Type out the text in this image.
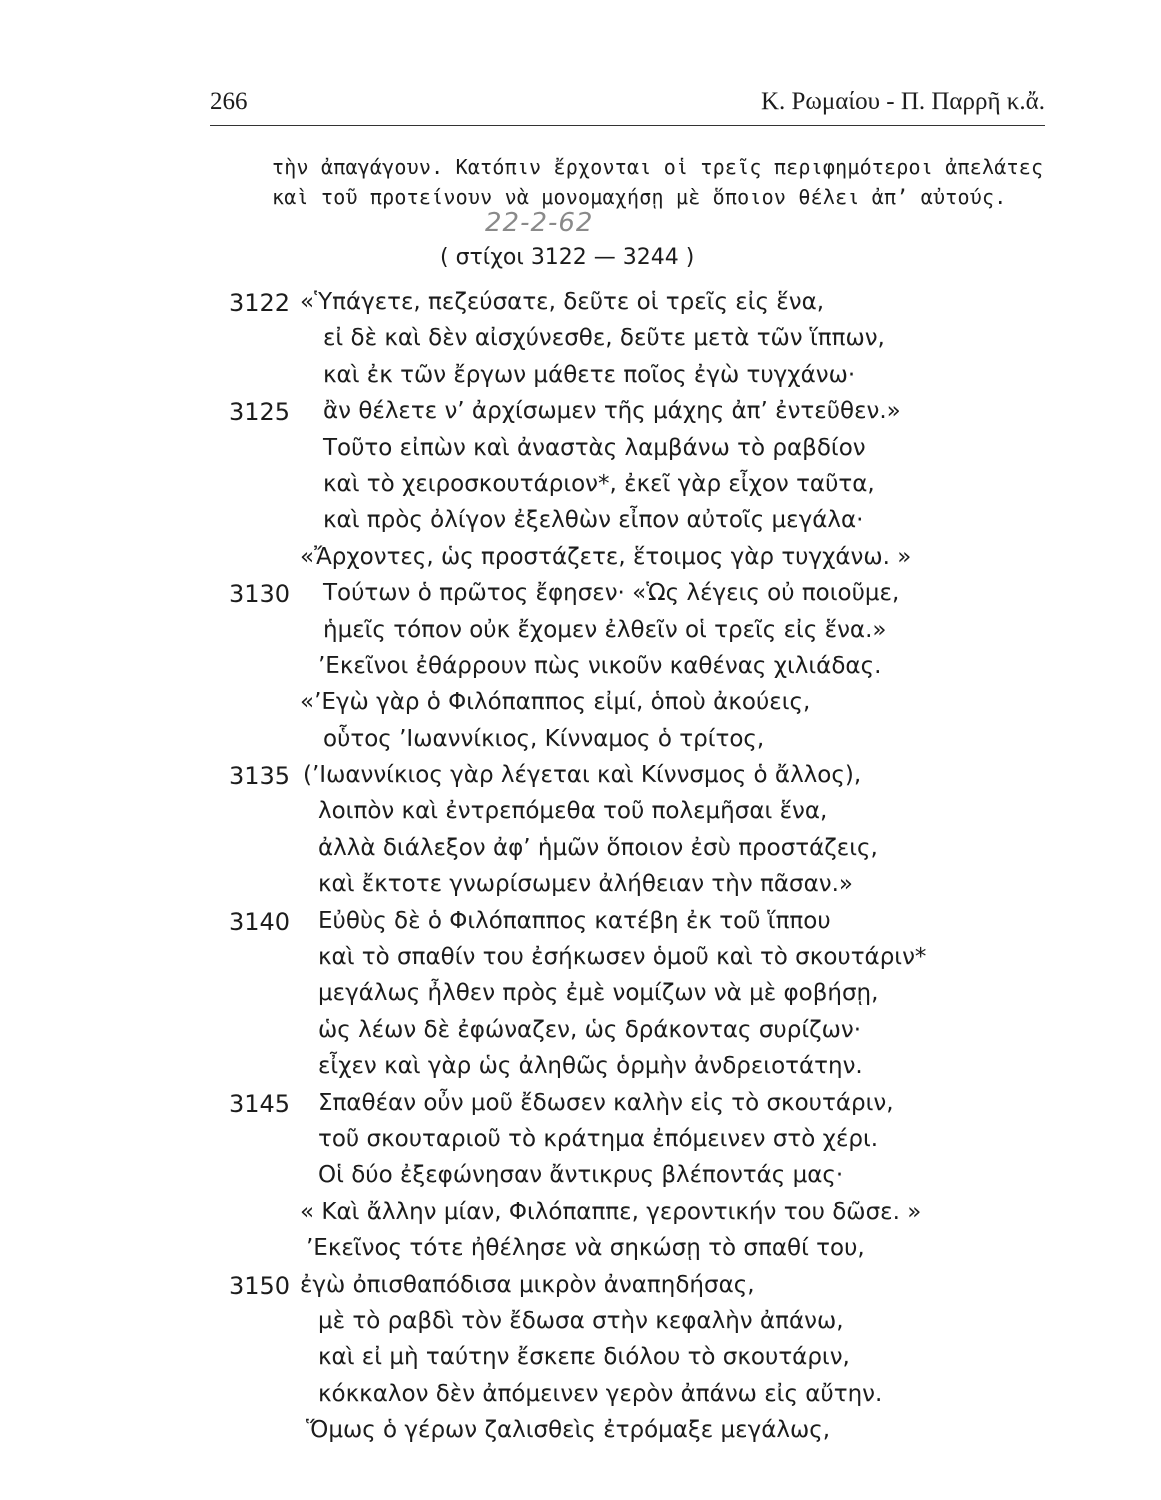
266	Κ. Ρωμαίου - Π. Παρρῆ κ.ἄ.
τὴν ἀπαγάγουν. Κατόπιν ἔρχονται οἱ τρεῖς περιφημότεροι ἀπελάτες
καὶ τοῦ προτείνουν νὰ μονομαχήσῃ μὲ ὅποιον θέλει ἀπ’ αὐτούς.
22-2-62
( στίχοι 3122 — 3244 )
3122 «Ὑπάγετε, πεζεύσατε, δεῦτε οἱ τρεῖς εἰς ἕνα,
εἰ δὲ καὶ δὲν αἰσχύνεσθε, δεῦτε μετὰ τῶν ἵππων,
καὶ ἐκ τῶν ἔργων μάθετε ποῖος ἐγὼ τυγχάνω·
3125 ἂν θέλετε ν’ ἀρχίσωμεν τῆς μάχης ἀπ’ ἐντεῦθεν.»
Τοῦτο εἰπὼν καὶ ἀναστὰς λαμβάνω τὸ ραβδίον
καὶ τὸ χειροσκουτάριον*, ἐκεῖ γὰρ εἶχον ταῦτα,
καὶ πρὸς ὀλίγον ἐξελθὼν εἶπον αὐτοῖς μεγάλα·
«Ἄρχοντες, ὡς προστάζετε, ἕτοιμος γὰρ τυγχάνω. »
3130 Τούτων ὁ πρῶτος ἔφησεν· «Ὡς λέγεις οὐ ποιοῦμε,
ἡμεῖς τόπον οὐκ ἔχομεν ἐλθεῖν οἱ τρεῖς εἰς ἕνα.»
’Εκεῖνοι ἐθάρρουν πὼς νικοῦν καθένας χιλιάδας.
«’Εγὼ γὰρ ὁ Φιλόπαππος εἰμί, ὁποὺ ἀκούεις,
οὗτος ’Ιωαννίκιος, Κίνναμος ὁ τρίτος,
3135 (’Ιωαννίκιος γὰρ λέγεται καὶ Κίννσμος ὁ ἄλλος),
λοιπὸν καὶ ἐντρεπόμεθα τοῦ πολεμῆσαι ἕνα,
ἀλλὰ διάλεξον ἀφ’ ἡμῶν ὅποιον ἐσὺ προστάζεις,
καὶ ἔκτοτε γνωρίσωμεν ἀλήθειαν τὴν πᾶσαν.»
3140 Εὐθὺς δὲ ὁ Φιλόπαππος κατέβη ἐκ τοῦ ἵππου
καὶ τὸ σπαθίν του ἐσήκωσεν ὁμοῦ καὶ τὸ σκουτάριν*
μεγάλως ἦλθεν πρὸς ἐμὲ νομίζων νὰ μὲ φοβήσῃ,
ὡς λέων δὲ ἐφώναζεν, ὡς δράκοντας συρίζων·
εἶχεν καὶ γὰρ ὡς ἀληθῶς ὁρμὴν ἀνδρειοτάτην.
3145 Σπαθέαν οὖν μοῦ ἔδωσεν καλὴν εἰς τὸ σκουτάριν,
τοῦ σκουταριοῦ τὸ κράτημα ἐπόμεινεν στὸ χέρι.
Οἱ δύο ἐξεφώνησαν ἄντικρυς βλέποντάς μας·
« Καὶ ἄλλην μίαν, Φιλόπαππε, γεροντικήν του δῶσε. »
’Εκεῖνος τότε ἠθέλησε νὰ σηκώσῃ τὸ σπαθί του,
3150 ἐγὼ ὀπισθαπόδισα μικρὸν ἀναπηδήσας,
μὲ τὸ ραβδὶ τὸν ἔδωσα στὴν κεφαλὴν ἀπάνω,
καὶ εἰ μὴ ταύτην ἔσκεπε διόλου τὸ σκουτάριν,
κόκκαλον δὲν ἀπόμεινεν γερὸν ἀπάνω εἰς αὔτην.
Ὅμως ὁ γέρων ζαλισθεὶς ἐτρόμαξε μεγάλως,
